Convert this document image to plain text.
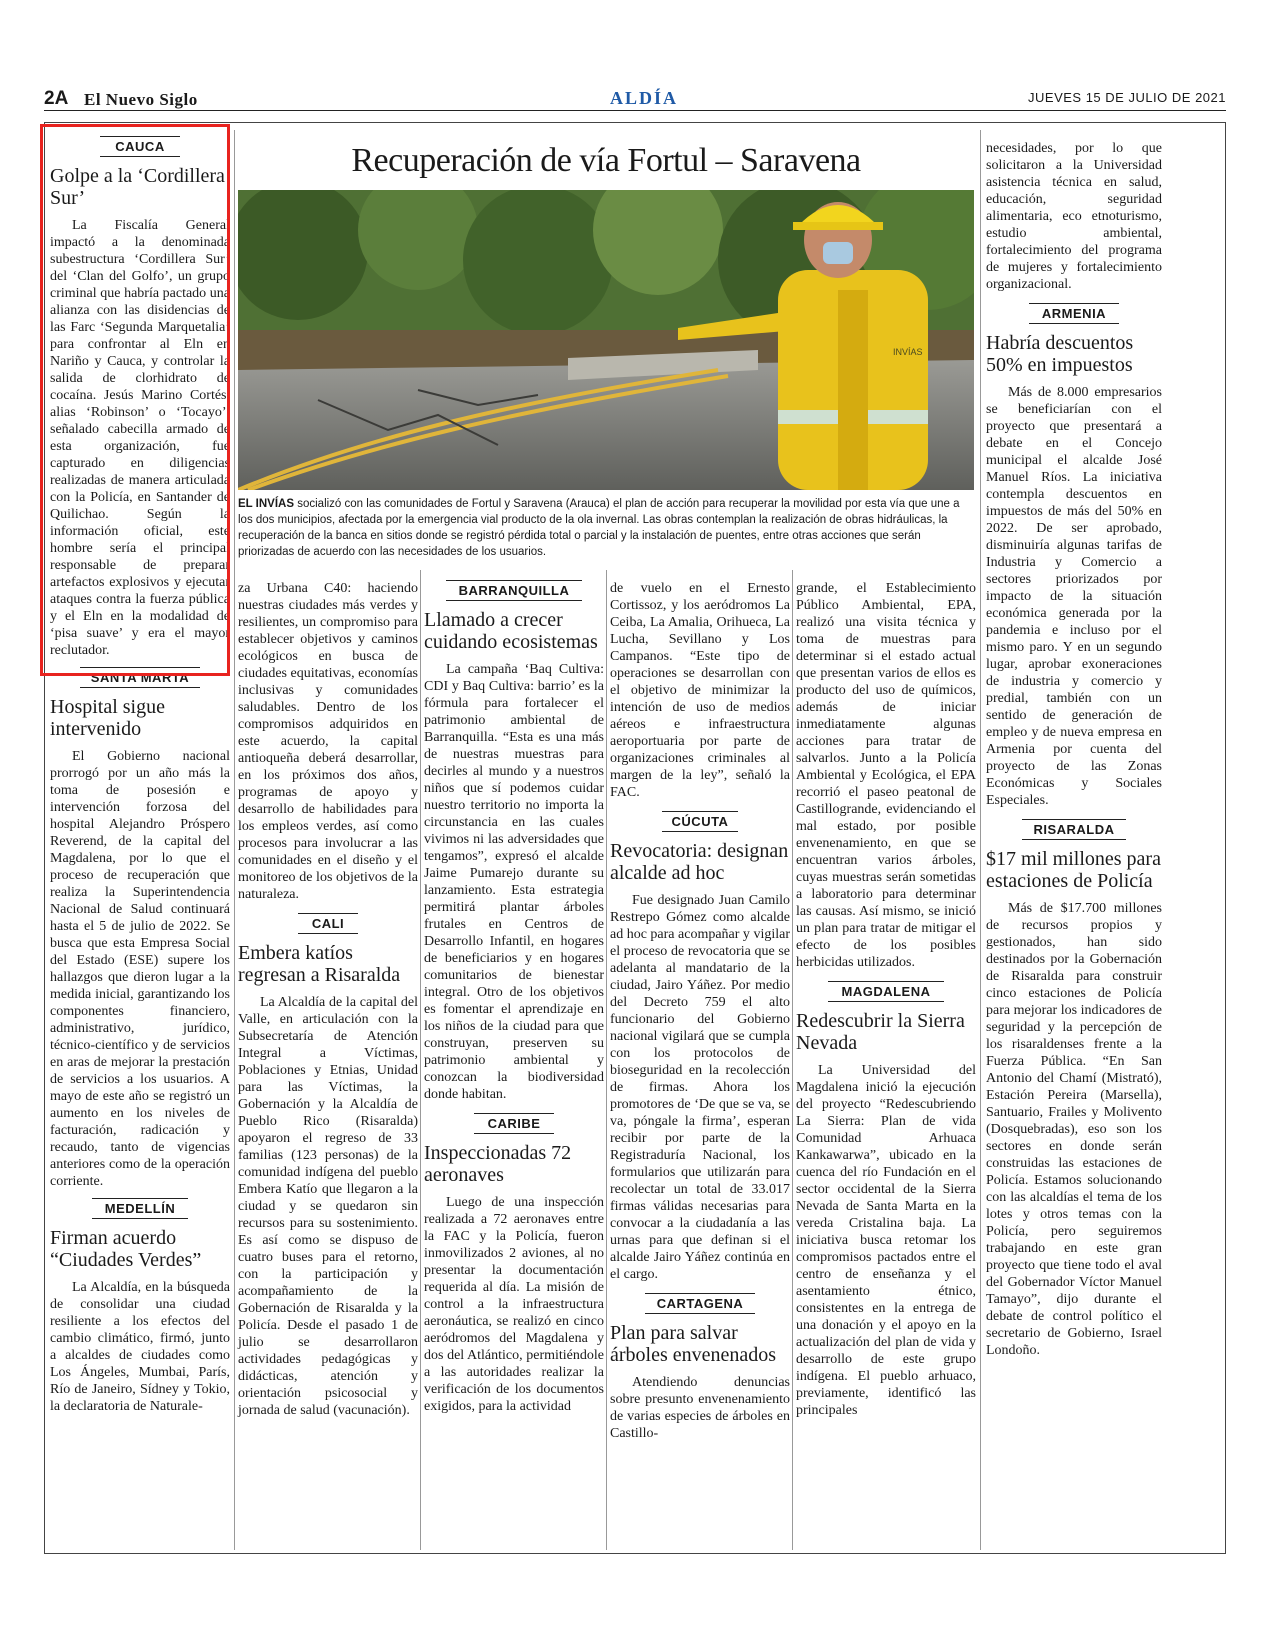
2A El Nuevo Siglo	ALDÍA	JUEVES 15 DE JULIO DE 2021
CAUCA
Golpe a la ‘Cordillera Sur’

La Fiscalía General impactó a la denominada subestructura ‘Cordillera Sur’ del ‘Clan del Golfo’, un grupo criminal que habría pactado una alianza con las disidencias de las Farc ‘Segunda Marquetalia’ para confrontar al Eln en Nariño y Cauca, y controlar la salida de clorhidrato de cocaína. Jesús Marino Cortés, alias ‘Robinson’ o ‘Tocayo’, señalado cabecilla armado de esta organización, fue capturado en diligencias realizadas de manera articulada con la Policía, en Santander de Quilichao. Según la información oficial, este hombre sería el principal responsable de preparar artefactos explosivos y ejecutar ataques contra la fuerza pública y el Eln en la modalidad de ‘pisa suave’ y era el mayor reclutador.

SANTA MARTA
Hospital sigue intervenido

El Gobierno nacional prorrogó por un año más la toma de posesión e intervención forzosa del hospital Alejandro Próspero Reverend, de la capital del Magdalena, por lo que el proceso de recuperación que realiza la Superintendencia Nacional de Salud continuará hasta el 5 de julio de 2022. Se busca que esta Empresa Social del Estado (ESE) supere los hallazgos que dieron lugar a la medida inicial, garantizando los componentes financiero, administrativo, jurídico, técnico-científico y de servicios en aras de mejorar la prestación de servicios a los usuarios. A mayo de este año se registró un aumento en los niveles de facturación, radicación y recaudo, tanto de vigencias anteriores como de la operación corriente.

MEDELLÍN
Firman acuerdo “Ciudades Verdes”

La Alcaldía, en la búsqueda de consolidar una ciudad resiliente a los efectos del cambio climático, firmó, junto a alcaldes de ciudades como Los Ángeles, Mumbai, París, Río de Janeiro, Sídney y Tokio, la declaratoria de Naturale-

Recuperación de vía Fortul – Saravena
INVÍAS
EL INVÍAS socializó con las comunidades de Fortul y Saravena (Arauca) el plan de acción para recuperar la movilidad por esta vía que une a los dos municipios, afectada por la emergencia vial producto de la ola invernal. Las obras contemplan la realización de obras hidráulicas, la recuperación de la banca en sitios donde se registró pérdida total o parcial y la instalación de puentes, entre otras acciones que serán priorizadas de acuerdo con las necesidades de los usuarios.

za Urbana C40: haciendo nuestras ciudades más verdes y resilientes, un compromiso para establecer objetivos y caminos ecológicos en busca de ciudades equitativas, economías inclusivas y comunidades saludables. Dentro de los compromisos adquiridos en este acuerdo, la capital antioqueña deberá desarrollar, en los próximos dos años, programas de apoyo y desarrollo de habilidades para los empleos verdes, así como procesos para involucrar a las comunidades en el diseño y el monitoreo de los objetivos de la naturaleza.

CALI
Embera katíos regresan a Risaralda

La Alcaldía de la capital del Valle, en articulación con la Subsecretaría de Atención Integral a Víctimas, Poblaciones y Etnias, Unidad para las Víctimas, la Gobernación y la Alcaldía de Pueblo Rico (Risaralda) apoyaron el regreso de 33 familias (123 personas) de la comunidad indígena del pueblo Embera Katío que llegaron a la ciudad y se quedaron sin recursos para su sostenimiento. Es así como se dispuso de cuatro buses para el retorno, con la participación y acompañamiento de la Gobernación de Risaralda y la Policía. Desde el pasado 1 de julio se desarrollaron actividades pedagógicas y didácticas, atención y orientación psicosocial y jornada de salud (vacunación).

BARRANQUILLA
Llamado a crecer cuidando ecosistemas

La campaña ‘Baq Cultiva: CDI y Baq Cultiva: barrio’ es la fórmula para fortalecer el patrimonio ambiental de Barranquilla. “Esta es una más de nuestras muestras para decirles al mundo y a nuestros niños que sí podemos cuidar nuestro territorio no importa la circunstancia en las cuales vivimos ni las adversidades que tengamos”, expresó el alcalde Jaime Pumarejo durante su lanzamiento. Esta estrategia permitirá plantar árboles frutales en Centros de Desarrollo Infantil, en hogares de beneficiarios y en hogares comunitarios de bienestar integral. Otro de los objetivos es fomentar el aprendizaje en los niños de la ciudad para que construyan, preserven su patrimonio ambiental y conozcan la biodiversidad donde habitan.

CARIBE
Inspeccionadas 72 aeronaves

Luego de una inspección realizada a 72 aeronaves entre la FAC y la Policía, fueron inmovilizados 2 aviones, al no presentar la documentación requerida al día. La misión de control a la infraestructura aeronáutica, se realizó en cinco aeródromos del Magdalena y dos del Atlántico, permitiéndole a las autoridades realizar la verificación de los documentos exigidos, para la actividad

de vuelo en el Ernesto Cortissoz, y los aeródromos La Ceiba, La Amalia, Orihueca, La Lucha, Sevillano y Los Campanos. “Este tipo de operaciones se desarrollan con el objetivo de minimizar la intención de uso de medios aéreos e infraestructura aeroportuaria por parte de organizaciones criminales al margen de la ley”, señaló la FAC.

CÚCUTA
Revocatoria: designan alcalde ad hoc

Fue designado Juan Camilo Restrepo Gómez como alcalde ad hoc para acompañar y vigilar el proceso de revocatoria que se adelanta al mandatario de la ciudad, Jairo Yáñez. Por medio del Decreto 759 el alto funcionario del Gobierno nacional vigilará que se cumpla con los protocolos de bioseguridad en la recolección de firmas. Ahora los promotores de ‘De que se va, se va, póngale la firma’, esperan recibir por parte de la Registraduría Nacional, los formularios que utilizarán para recolectar un total de 33.017 firmas válidas necesarias para convocar a la ciudadanía a las urnas para que definan si el alcalde Jairo Yáñez continúa en el cargo.

CARTAGENA
Plan para salvar árboles envenenados

Atendiendo denuncias sobre presunto envenenamiento de varias especies de árboles en Castillo-

grande, el Establecimiento Público Ambiental, EPA, realizó una visita técnica y toma de muestras para determinar si el estado actual que presentan varios de ellos es producto del uso de químicos, además de iniciar inmediatamente algunas acciones para tratar de salvarlos. Junto a la Policía Ambiental y Ecológica, el EPA recorrió el paseo peatonal de Castillogrande, evidenciando el mal estado, por posible envenenamiento, en que se encuentran varios árboles, cuyas muestras serán sometidas a laboratorio para determinar las causas. Así mismo, se inició un plan para tratar de mitigar el efecto de los posibles herbicidas utilizados.

MAGDALENA
Redescubrir la Sierra Nevada

La Universidad del Magdalena inició la ejecución del proyecto “Redescubriendo La Sierra: Plan de vida Comunidad Arhuaca Kankawarwa”, ubicado en la cuenca del río Fundación en el sector occidental de la Sierra Nevada de Santa Marta en la vereda Cristalina baja. La iniciativa busca retomar los compromisos pactados entre el centro de enseñanza y el asentamiento étnico, consistentes en la entrega de una donación y el apoyo en la actualización del plan de vida y desarrollo de este grupo indígena. El pueblo arhuaco, previamente, identificó las principales

necesidades, por lo que solicitaron a la Universidad asistencia técnica en salud, educación, seguridad alimentaria, eco etnoturismo, estudio ambiental, fortalecimiento del programa de mujeres y fortalecimiento organizacional.

ARMENIA
Habría descuentos 50% en impuestos

Más de 8.000 empresarios se beneficiarían con el proyecto que presentará a debate en el Concejo municipal el alcalde José Manuel Ríos. La iniciativa contempla descuentos en impuestos de más del 50% en 2022. De ser aprobado, disminuiría algunas tarifas de Industria y Comercio a sectores priorizados por impacto de la situación económica generada por la pandemia e incluso por el mismo paro. Y en un segundo lugar, aprobar exoneraciones de industria y comercio y predial, también con un sentido de generación de empleo y de nueva empresa en Armenia por cuenta del proyecto de las Zonas Económicas y Sociales Especiales.

RISARALDA
$17 mil millones para estaciones de Policía

Más de $17.700 millones de recursos propios y gestionados, han sido destinados por la Gobernación de Risaralda para construir cinco estaciones de Policía para mejorar los indicadores de seguridad y la percepción de los risaraldenses frente a la Fuerza Pública. “En San Antonio del Chamí (Mistrató), Estación Pereira (Marsella), Santuario, Frailes y Molivento (Dosquebradas), eso son los sectores en donde serán construidas las estaciones de Policía. Estamos solucionando con las alcaldías el tema de los lotes y otros temas con la Policía, pero seguiremos trabajando en este gran proyecto que tiene todo el aval del Gobernador Víctor Manuel Tamayo”, dijo durante el debate de control político el secretario de Gobierno, Israel Londoño.
